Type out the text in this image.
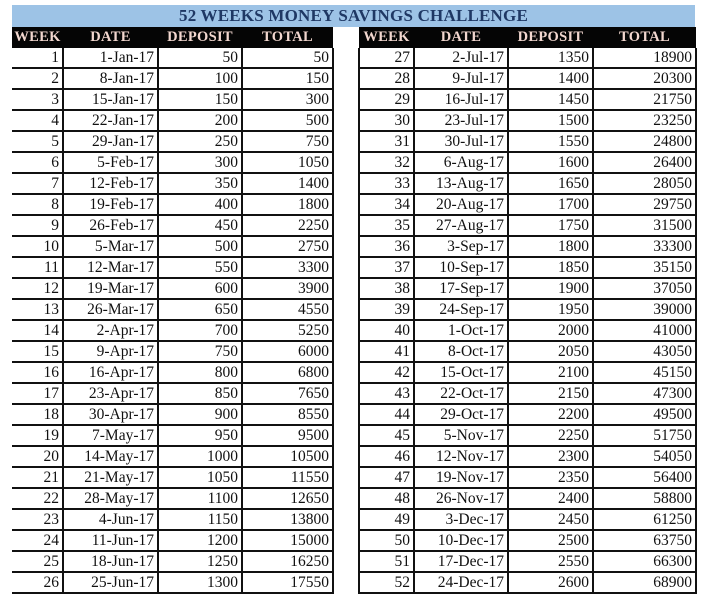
52 WEEKS MONEY SAVINGS CHALLENGE
WEEK	DATE	DEPOSIT	TOTAL
1	1-Jan-17	50	50
2	8-Jan-17	100	150
3	15-Jan-17	150	300
4	22-Jan-17	200	500
5	29-Jan-17	250	750
6	5-Feb-17	300	1050
7	12-Feb-17	350	1400
8	19-Feb-17	400	1800
9	26-Feb-17	450	2250
10	5-Mar-17	500	2750
11	12-Mar-17	550	3300
12	19-Mar-17	600	3900
13	26-Mar-17	650	4550
14	2-Apr-17	700	5250
15	9-Apr-17	750	6000
16	16-Apr-17	800	6800
17	23-Apr-17	850	7650
18	30-Apr-17	900	8550
19	7-May-17	950	9500
20	14-May-17	1000	10500
21	21-May-17	1050	11550
22	28-May-17	1100	12650
23	4-Jun-17	1150	13800
24	11-Jun-17	1200	15000
25	18-Jun-17	1250	16250
26	25-Jun-17	1300	17550
WEEK	DATE	DEPOSIT	TOTAL
27	2-Jul-17	1350	18900
28	9-Jul-17	1400	20300
29	16-Jul-17	1450	21750
30	23-Jul-17	1500	23250
31	30-Jul-17	1550	24800
32	6-Aug-17	1600	26400
33	13-Aug-17	1650	28050
34	20-Aug-17	1700	29750
35	27-Aug-17	1750	31500
36	3-Sep-17	1800	33300
37	10-Sep-17	1850	35150
38	17-Sep-17	1900	37050
39	24-Sep-17	1950	39000
40	1-Oct-17	2000	41000
41	8-Oct-17	2050	43050
42	15-Oct-17	2100	45150
43	22-Oct-17	2150	47300
44	29-Oct-17	2200	49500
45	5-Nov-17	2250	51750
46	12-Nov-17	2300	54050
47	19-Nov-17	2350	56400
48	26-Nov-17	2400	58800
49	3-Dec-17	2450	61250
50	10-Dec-17	2500	63750
51	17-Dec-17	2550	66300
52	24-Dec-17	2600	68900
